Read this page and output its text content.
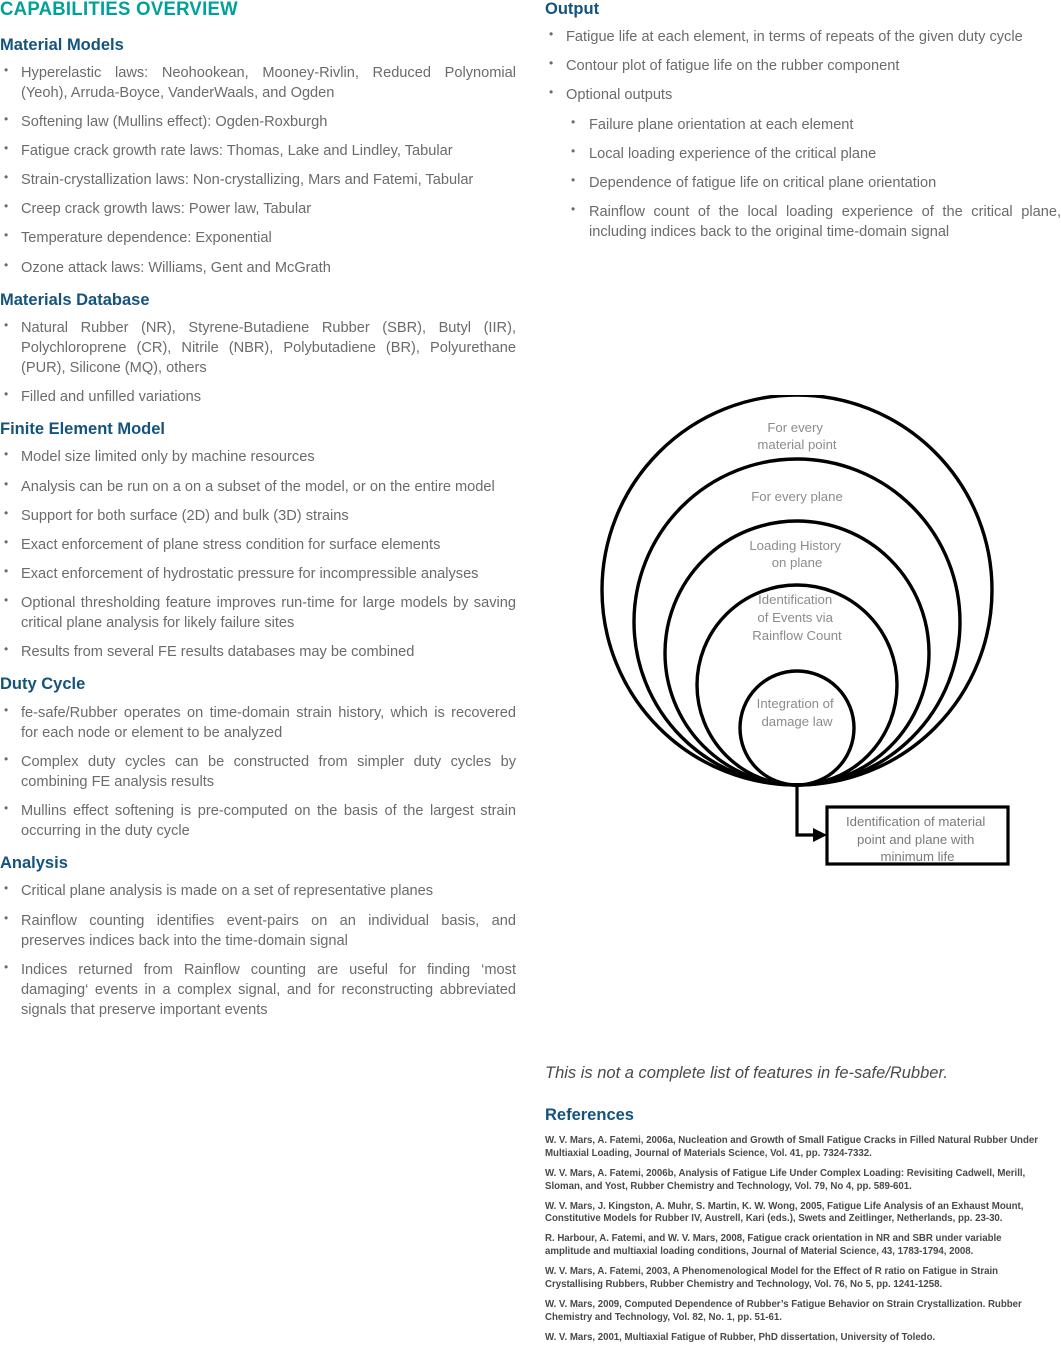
CAPABILITIES OVERVIEW
Material Models
• Hyperelastic laws: Neohookean, Mooney-Rivlin, Reduced Polynomial (Yeoh), Arruda-Boyce, VanderWaals, and Ogden
• Softening law (Mullins effect): Ogden-Roxburgh
• Fatigue crack growth rate laws: Thomas, Lake and Lindley, Tabular
• Strain-crystallization laws: Non-crystallizing, Mars and Fatemi, Tabular
• Creep crack growth laws: Power law, Tabular
• Temperature dependence: Exponential
• Ozone attack laws: Williams, Gent and McGrath
Materials Database
• Natural Rubber (NR), Styrene-Butadiene Rubber (SBR), Butyl (IIR), Polychloroprene (CR), Nitrile (NBR), Polybutadiene (BR), Polyurethane (PUR), Silicone (MQ), others
• Filled and unfilled variations
Finite Element Model
• Model size limited only by machine resources
• Analysis can be run on a on a subset of the model, or on the entire model
• Support for both surface (2D) and bulk (3D) strains
• Exact enforcement of plane stress condition for surface elements
• Exact enforcement of hydrostatic pressure for incompressible analyses
• Optional thresholding feature improves run-time for large models by saving critical plane analysis for likely failure sites
• Results from several FE results databases may be combined
Duty Cycle
• fe-safe/Rubber operates on time-domain strain history, which is recovered for each node or element to be analyzed
• Complex duty cycles can be constructed from simpler duty cycles by combining FE analysis results
• Mullins effect softening is pre-computed on the basis of the largest strain occurring in the duty cycle
Analysis
• Critical plane analysis is made on a set of representative planes
• Rainflow counting identifies event-pairs on an individual basis, and preserves indices back into the time-domain signal
• Indices returned from Rainflow counting are useful for finding ‘most damaging‘ events in a complex signal, and for reconstructing abbreviated signals that preserve important events
Output
• Fatigue life at each element, in terms of repeats of the given duty cycle
• Contour plot of fatigue life on the rubber component
• Optional outputs
• Failure plane orientation at each element
• Local loading experience of the critical plane
• Dependence of fatigue life on critical plane orientation
• Rainflow count of the local loading experience of the critical plane, including indices back to the original time-domain signal
For every material point
For every plane
Loading History on plane
Identification of Events via Rainflow Count
Integration of damage law
Identification of material point and plane with minimum life
This is not a complete list of features in fe-safe/Rubber.
References
W. V. Mars, A. Fatemi, 2006a, Nucleation and Growth of Small Fatigue Cracks in Filled Natural Rubber Under Multiaxial Loading, Journal of Materials Science, Vol. 41, pp. 7324-7332.
W. V. Mars, A. Fatemi, 2006b, Analysis of Fatigue Life Under Complex Loading: Revisiting Cadwell, Merill, Sloman, and Yost, Rubber Chemistry and Technology, Vol. 79, No 4, pp. 589-601.
W. V. Mars, J. Kingston, A. Muhr, S. Martin, K. W. Wong, 2005, Fatigue Life Analysis of an Exhaust Mount, Constitutive Models for Rubber IV, Austrell, Kari (eds.), Swets and Zeitlinger, Netherlands, pp. 23-30.
R. Harbour, A. Fatemi, and W. V. Mars, 2008, Fatigue crack orientation in NR and SBR under variable amplitude and multiaxial loading conditions, Journal of Material Science, 43, 1783-1794, 2008.
W. V. Mars, A. Fatemi, 2003, A Phenomenological Model for the Effect of R ratio on Fatigue in Strain Crystallising Rubbers, Rubber Chemistry and Technology, Vol. 76, No 5, pp. 1241-1258.
W. V. Mars, 2009, Computed Dependence of Rubber’s Fatigue Behavior on Strain Crystallization. Rubber Chemistry and Technology, Vol. 82, No. 1, pp. 51-61.
W. V. Mars, 2001, Multiaxial Fatigue of Rubber, PhD dissertation, University of Toledo.
